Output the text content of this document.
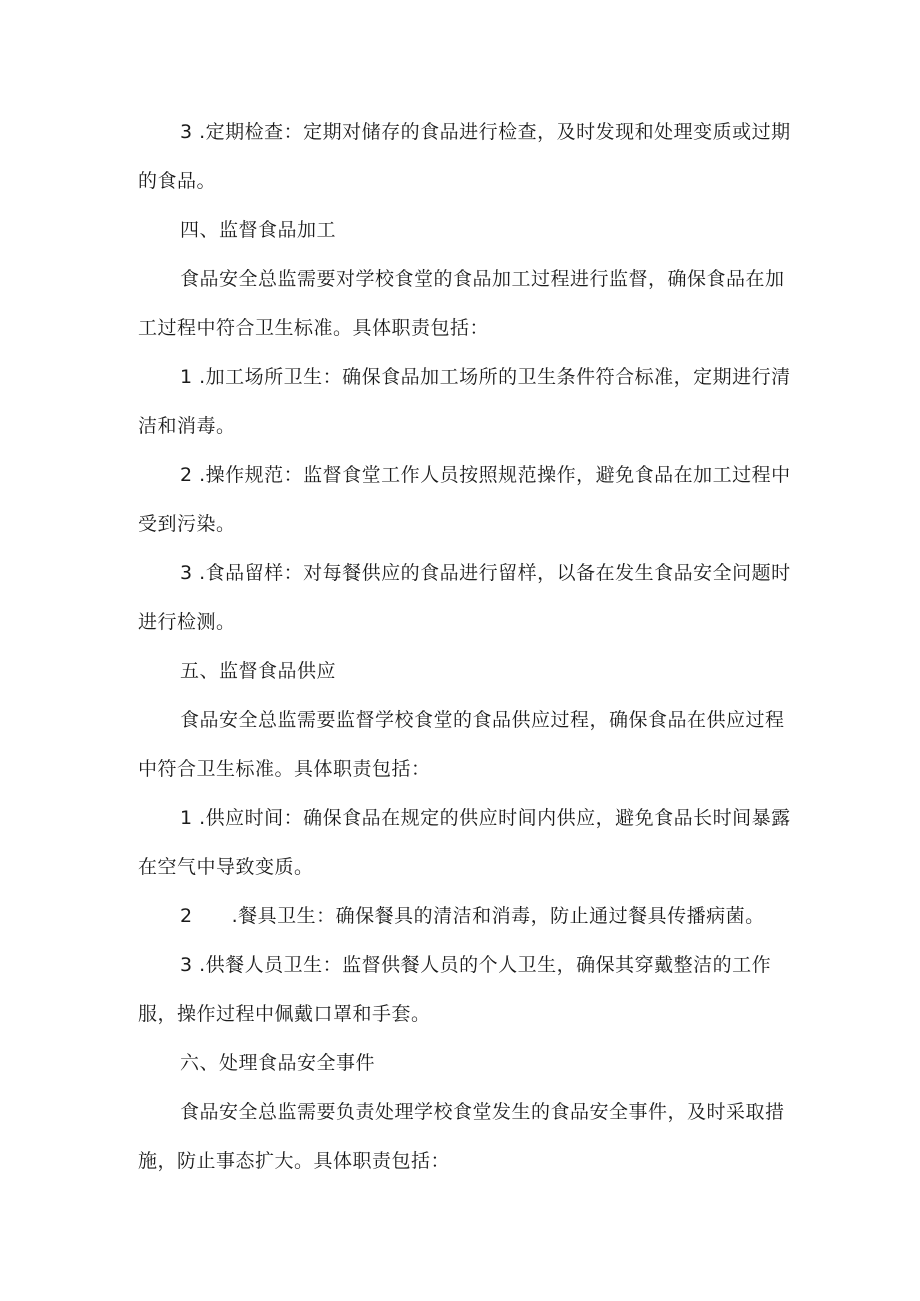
3 .定期检查：定期对储存的食品进行检查，及时发现和处理变质或过期的食品。

四、监督食品加工

食品安全总监需要对学校食堂的食品加工过程进行监督，确保食品在加工过程中符合卫生标准。具体职责包括：

1 .加工场所卫生：确保食品加工场所的卫生条件符合标准，定期进行清洁和消毒。

2 .操作规范：监督食堂工作人员按照规范操作，避免食品在加工过程中受到污染。

3 .食品留样：对每餐供应的食品进行留样，以备在发生食品安全问题时进行检测。

五、监督食品供应

食品安全总监需要监督学校食堂的食品供应过程，确保食品在供应过程中符合卫生标准。具体职责包括：

1 .供应时间：确保食品在规定的供应时间内供应，避免食品长时间暴露在空气中导致变质。

2　　.餐具卫生：确保餐具的清洁和消毒，防止通过餐具传播病菌。

3 .供餐人员卫生：监督供餐人员的个人卫生，确保其穿戴整洁的工作服，操作过程中佩戴口罩和手套。

六、处理食品安全事件

食品安全总监需要负责处理学校食堂发生的食品安全事件，及时采取措施，防止事态扩大。具体职责包括：
